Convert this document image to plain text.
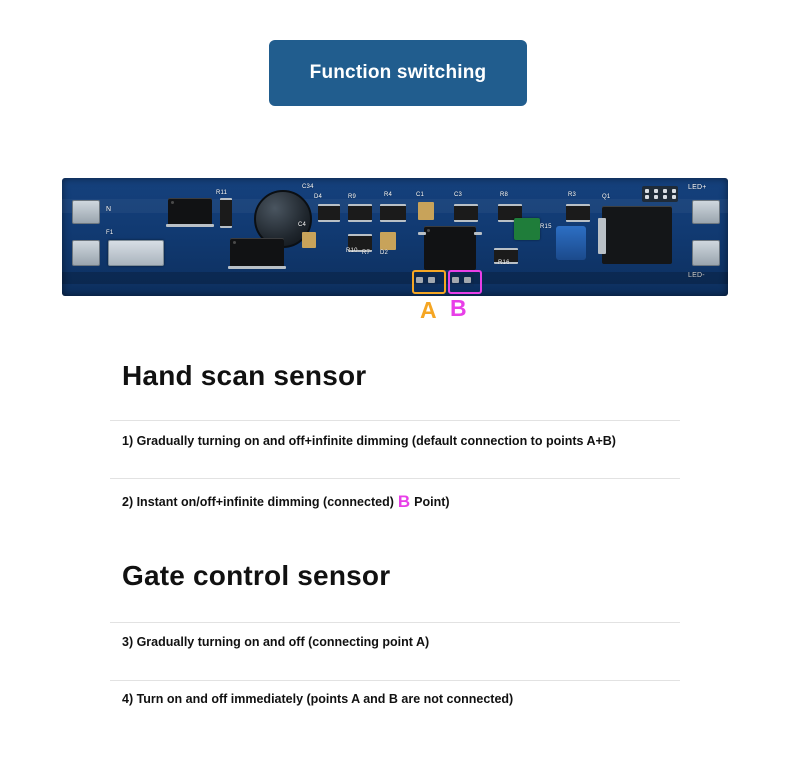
Function switching
F1
N
R11
C4
C34
D4	R9
R10	D2
R7
R4	C1	C3	R8
R16
R15
R3	Q1
LED+
LED-
A B
Hand scan sensor
1) Gradually turning on and off+infinite dimming (default connection to points A+B)
2) Instant on/off+infinite dimming (connected) B Point)
Gate control sensor
3) Gradually turning on and off (connecting point A)
4) Turn on and off immediately (points A and B are not connected)
